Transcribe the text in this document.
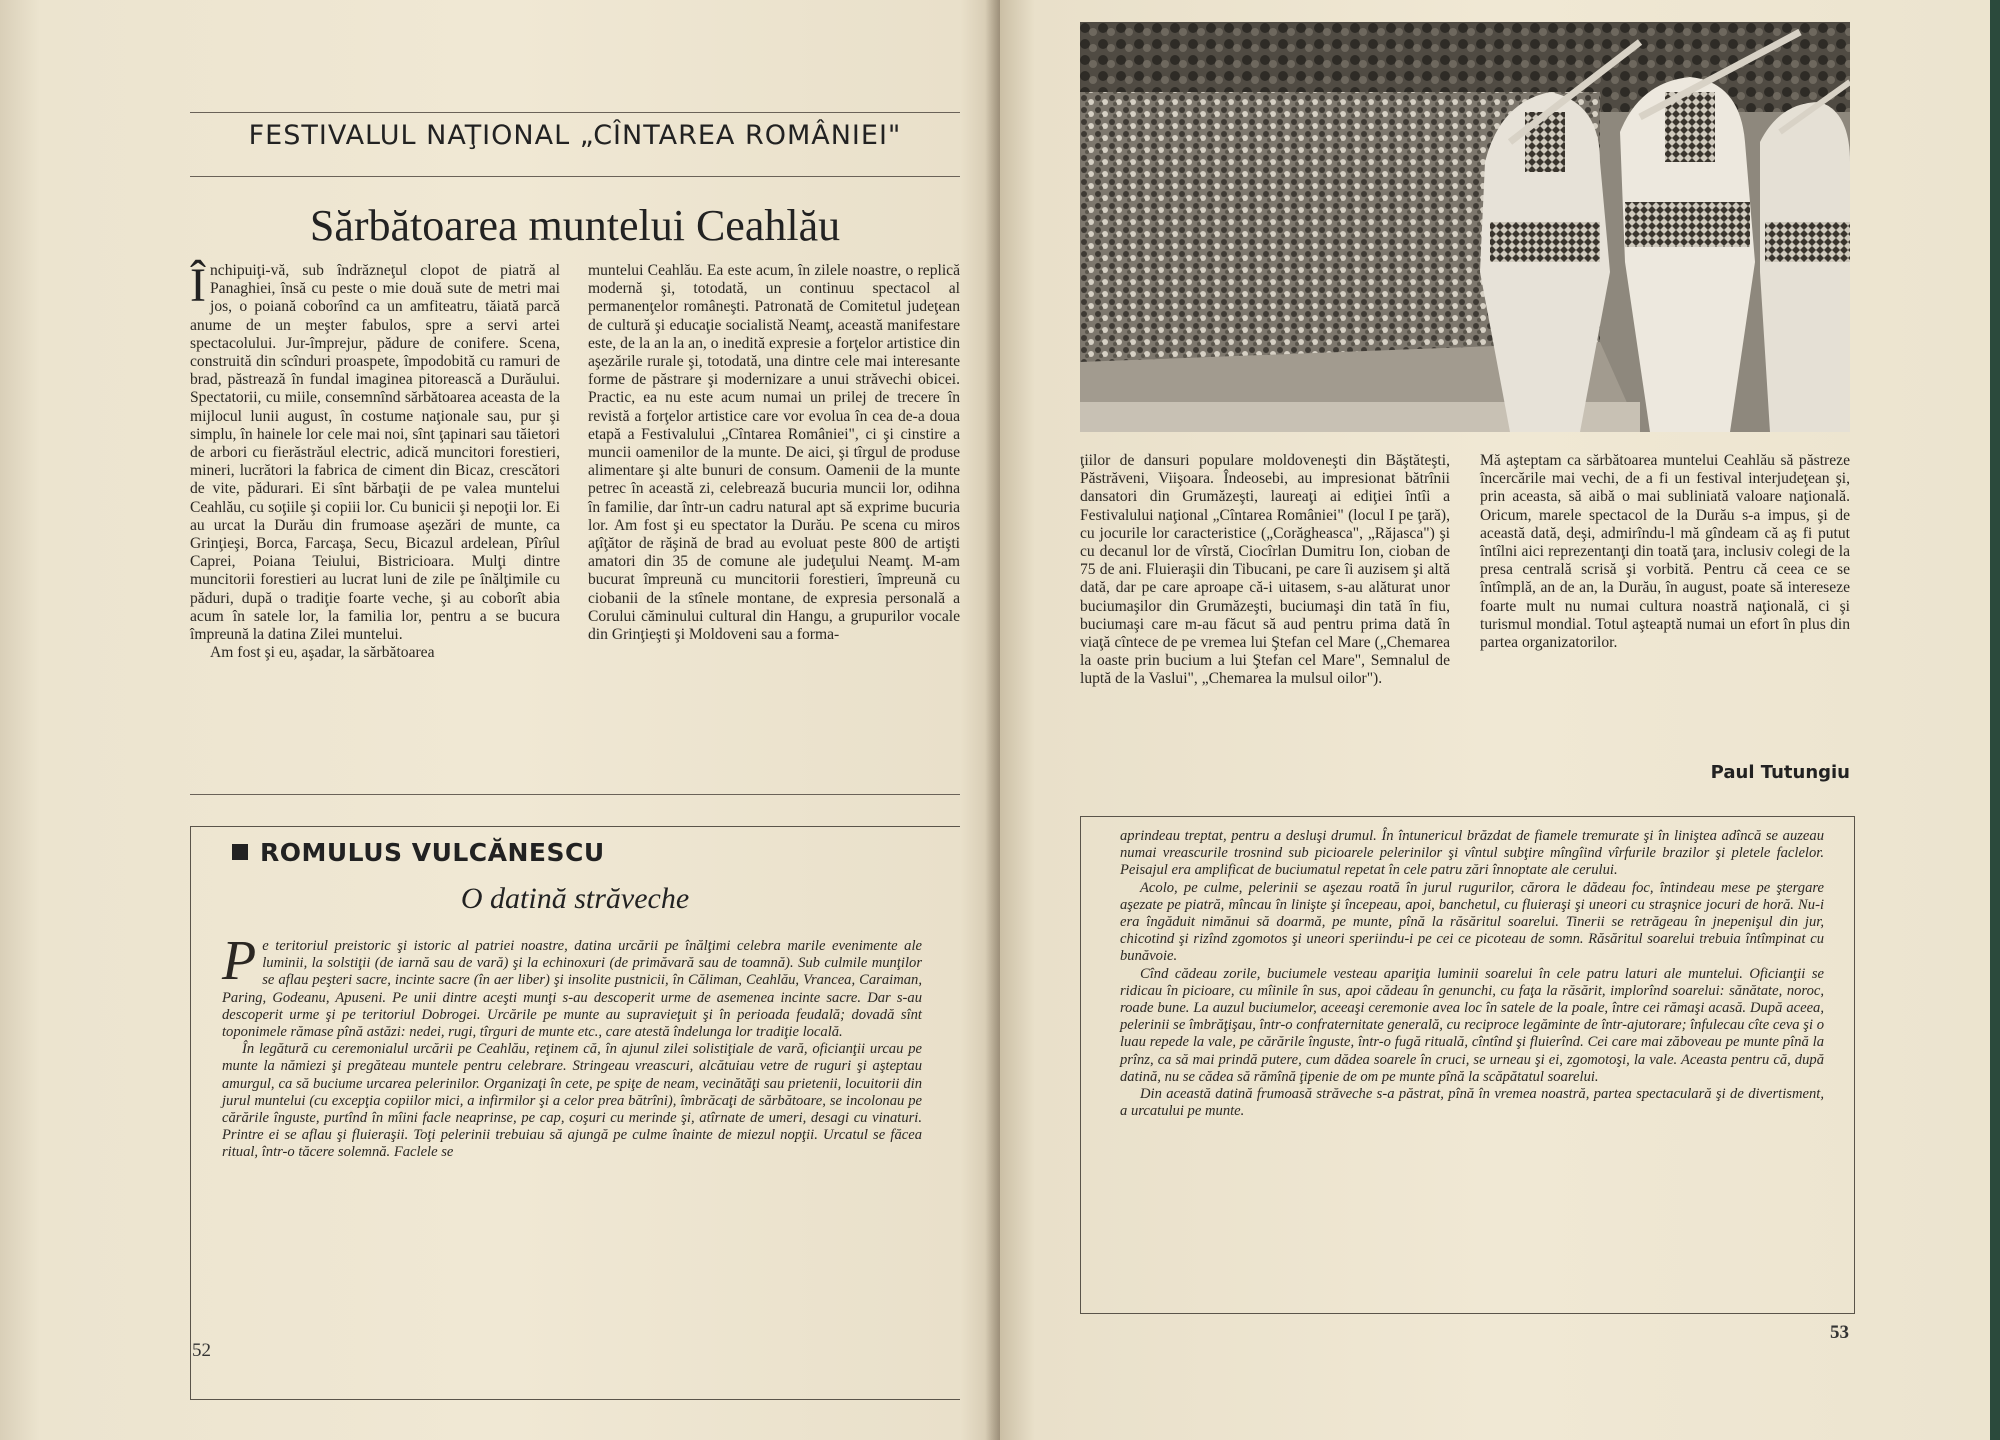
FESTIVALUL NAŢIONAL „CÎNTAREA ROMÂNIEI"
Sărbătoarea muntelui Ceahlău

Închipuiţi-vă, sub îndrăzneţul clopot de piatră al Panaghiei, însă cu peste o mie două sute de metri mai jos, o poiană coborînd ca un amfiteatru, tăiată parcă anume de un meşter fabulos, spre a servi artei spectacolului. Jur-împrejur, pădure de conifere. Scena, construită din scînduri proaspete, împodobită cu ramuri de brad, păstrează în fundal imaginea pitorească a Durăului. Spectatorii, cu miile, consemnînd sărbătoarea aceasta de la mijlocul lunii august, în costume naţionale sau, pur şi simplu, în hainele lor cele mai noi, sînt ţapinari sau tăietori de arbori cu fierăstrăul electric, adică muncitori forestieri, mineri, lucrători la fabrica de ciment din Bicaz, crescători de vite, pădurari. Ei sînt bărbaţii de pe valea muntelui Ceahlău, cu soţiile şi copiii lor. Cu bunicii şi nepoţii lor. Ei au urcat la Durău din frumoase aşezări de munte, ca Grinţieşi, Borca, Farcaşa, Secu, Bicazul ardelean, Pîrîul Caprei, Poiana Teiului, Bistricioara. Mulţi dintre muncitorii forestieri au lucrat luni de zile pe înălţimile cu păduri, după o tradiţie foarte veche, şi au coborît abia acum în satele lor, la familia lor, pentru a se bucura împreună la datina Zilei muntelui.

Am fost şi eu, aşadar, la sărbătoarea

muntelui Ceahlău. Ea este acum, în zilele noastre, o replică modernă şi, totodată, un continuu spectacol al permanenţelor româneşti. Patronată de Comitetul judeţean de cultură şi educaţie socialistă Neamţ, această manifestare este, de la an la an, o inedită expresie a forţelor artistice din aşezările rurale şi, totodată, una dintre cele mai interesante forme de păstrare şi modernizare a unui străvechi obicei. Practic, ea nu este acum numai un prilej de trecere în revistă a forţelor artistice care vor evolua în cea de-a doua etapă a Festivalului „Cîntarea României", ci şi cinstire a muncii oamenilor de la munte. De aici, şi tîrgul de produse alimentare şi alte bunuri de consum. Oamenii de la munte petrec în această zi, celebrează bucuria muncii lor, odihna în familie, dar într-un cadru natural apt să exprime bucuria lor. Am fost şi eu spectator la Durău. Pe scena cu miros aţîţător de răşină de brad au evoluat peste 800 de artişti amatori din 35 de comune ale judeţului Neamţ. M-am bucurat împreună cu muncitorii forestieri, împreună cu ciobanii de la stînele montane, de expresia personală a Corului căminului cultural din Hangu, a grupurilor vocale din Grinţieşti şi Moldoveni sau a forma-

ROMULUS VULCĂNESCU
O datină străveche

Pe teritoriul preistoric şi istoric al patriei noastre, datina urcării pe înălţimi celebra marile evenimente ale luminii, la solstiţii (de iarnă sau de vară) şi la echinoxuri (de primăvară sau de toamnă). Sub culmile munţilor se aflau peşteri sacre, incinte sacre (în aer liber) şi insolite pustnicii, în Căliman, Ceahlău, Vrancea, Caraiman, Paring, Godeanu, Apuseni. Pe unii dintre aceşti munţi s-au descoperit urme de asemenea incinte sacre. Dar s-au descoperit urme şi pe teritoriul Dobrogei. Urcările pe munte au supravieţuit şi în perioada feudală; dovadă sînt toponimele rămase pînă astăzi: nedei, rugi, tîrguri de munte etc., care atestă îndelunga lor tradiţie locală.

În legătură cu ceremonialul urcării pe Ceahlău, reţinem că, în ajunul zilei solistiţiale de vară, oficianţii urcau pe munte la nămiezi şi pregăteau muntele pentru celebrare. Stringeau vreascuri, alcătuiau vetre de ruguri şi aşteptau amurgul, ca să buciume urcarea pelerinilor. Organizaţi în cete, pe spiţe de neam, vecinătăţi sau prietenii, locuitorii din jurul muntelui (cu excepţia copiilor mici, a infirmilor şi a celor prea bătrîni), îmbrăcaţi de sărbătoare, se incolonau pe cărările înguste, purtînd în mîini facle neaprinse, pe cap, coşuri cu merinde şi, atîrnate de umeri, desagi cu vinaturi. Printre ei se aflau şi fluieraşii. Toţi pelerinii trebuiau să ajungă pe culme înainte de miezul nopţii. Urcatul se făcea ritual, într-o tăcere solemnă. Faclele se

52

ţiilor de dansuri populare moldoveneşti din Băştăteşti, Păstrăveni, Viişoara. Îndeosebi, au impresionat bătrînii dansatori din Grumăzeşti, laureaţi ai ediţiei întîi a Festivalului naţional „Cîntarea României" (locul I pe ţară), cu jocurile lor caracteristice („Corăgheasca", „Răjasca") şi cu decanul lor de vîrstă, Ciocîrlan Dumitru Ion, cioban de 75 de ani. Fluieraşii din Tibucani, pe care îi auzisem şi altă dată, dar pe care aproape că-i uitasem, s-au alăturat unor buciumaşilor din Grumăzeşti, buciumaşi din tată în fiu, buciumaşi care m-au făcut să aud pentru prima dată în viaţă cîntece de pe vremea lui Ştefan cel Mare („Chemarea la oaste prin bucium a lui Ştefan cel Mare", Semnalul de luptă de la Vaslui", „Chemarea la mulsul oilor").

Mă aşteptam ca sărbătoarea muntelui Ceahlău să păstreze încercările mai vechi, de a fi un festival interjudeţean şi, prin aceasta, să aibă o mai subliniată valoare naţională. Oricum, marele spectacol de la Durău s-a impus, şi de această dată, deşi, admirîndu-l mă gîndeam că aş fi putut întîlni aici reprezentanţi din toată ţara, inclusiv colegi de la presa centrală scrisă şi vorbită. Pentru că ceea ce se întîmplă, an de an, la Durău, în august, poate să intereseze foarte mult nu numai cultura noastră naţională, ci şi turismul mondial. Totul aşteaptă numai un efort în plus din partea organizatorilor.

Paul Tutungiu

aprindeau treptat, pentru a desluşi drumul. În întunericul brăzdat de fiamele tremurate şi în liniştea adîncă se auzeau numai vreascurile trosnind sub picioarele pelerinilor şi vîntul subţire mîngîind vîrfurile brazilor şi pletele faclelor. Peisajul era amplificat de buciumatul repetat în cele patru zări înnoptate ale cerului.

Acolo, pe culme, pelerinii se aşezau roată în jurul rugurilor, cărora le dădeau foc, întindeau mese pe ştergare aşezate pe piatră, mîncau în linişte şi începeau, apoi, banchetul, cu fluieraşi şi uneori cu straşnice jocuri de horă. Nu-i era îngăduit nimănui să doarmă, pe munte, pînă la răsăritul soarelui. Tinerii se retrăgeau în jnepenişul din jur, chicotind şi rizînd zgomotos şi uneori speriindu-i pe cei ce picoteau de somn. Răsăritul soarelui trebuia întîmpinat cu bunăvoie.

Cînd cădeau zorile, buciumele vesteau apariţia luminii soarelui în cele patru laturi ale muntelui. Oficianţii se ridicau în picioare, cu mîinile în sus, apoi cădeau în genunchi, cu faţa la răsărit, implorînd soarelui: sănătate, noroc, roade bune. La auzul buciumelor, aceeaşi ceremonie avea loc în satele de la poale, între cei rămaşi acasă. După aceea, pelerinii se îmbrăţişau, într-o confraternitate generală, cu reciproce legăminte de într-ajutorare; înfulecau cîte ceva şi o luau repede la vale, pe cărările înguste, într-o fugă rituală, cîntînd şi fluierînd. Cei care mai zăboveau pe munte pînă la prînz, ca să mai prindă putere, cum dădea soarele în cruci, se urneau şi ei, zgomotoşi, la vale. Aceasta pentru că, după datină, nu se cădea să rămînă ţipenie de om pe munte pînă la scăpătatul soarelui.

Din această datină frumoasă străveche s-a păstrat, pînă în vremea noastră, partea spectaculară şi de divertisment, a urcatului pe munte.

53
